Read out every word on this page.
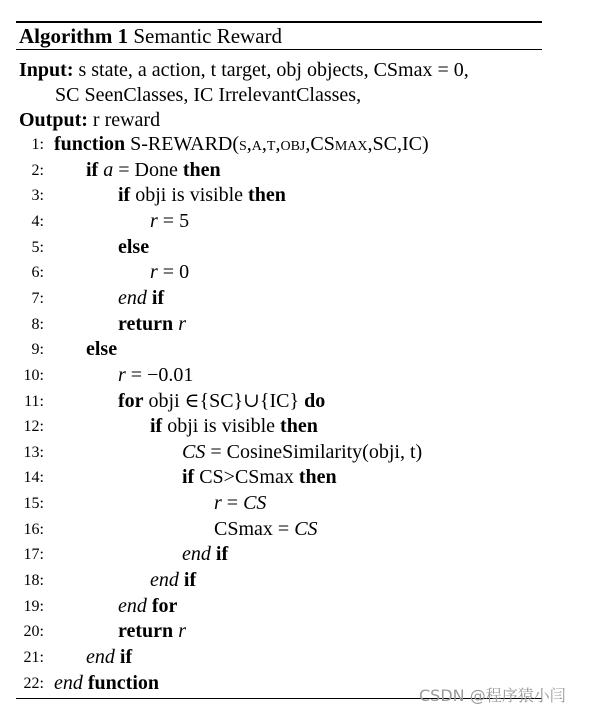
Algorithm 1 Semantic Reward
Input: s state, a action, t target, obj objects, CSmax = 0,
SC SeenClasses, IC IrrelevantClasses,
Output: r reward
1: function S-REWARD(s,a,t,obj,CSmax,SC,IC)
2: if a = Done then
3:	if obji is visible then
4:	r = 5
5:	else
6:	r = 0
7:	end if
8:	return r
9: else
10:	r = −0.01
11:	for obji ∈{SC}∪{IC} do
12:	if obji is visible then
13:	CS = CosineSimilarity(obji, t)
14:	if CS>CSmax then
15:	r = CS
16:	CSmax = CS
17:	end if
18:	end if
19:	end for
20:	return r
21: end if
22: end function
CSDN @程序猿小闫
